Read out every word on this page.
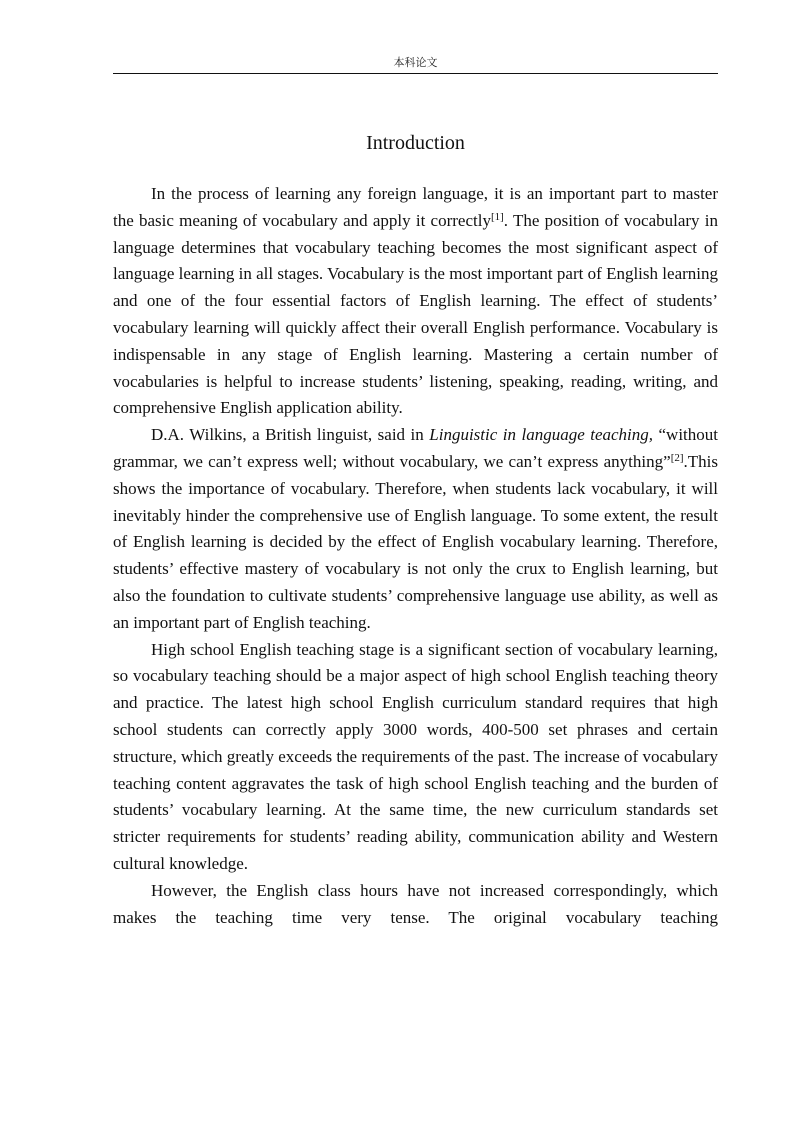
本科论文
Introduction

In the process of learning any foreign language, it is an important part to master the basic meaning of vocabulary and apply it correctly[1]. The position of vocabulary in language determines that vocabulary teaching becomes the most significant aspect of language learning in all stages. Vocabulary is the most important part of English learning and one of the four essential factors of English learning. The effect of students’ vocabulary learning will quickly affect their overall English performance. Vocabulary is indispensable in any stage of English learning. Mastering a certain number of vocabularies is helpful to increase students’ listening, speaking, reading, writing, and comprehensive English application ability.

D.A. Wilkins, a British linguist, said in Linguistic in language teaching, “without grammar, we can’t express well; without vocabulary, we can’t express anything”[2].This shows the importance of vocabulary. Therefore, when students lack vocabulary, it will inevitably hinder the comprehensive use of English language. To some extent, the result of English learning is decided by the effect of English vocabulary learning. Therefore, students’ effective mastery of vocabulary is not only the crux to English learning, but also the foundation to cultivate students’ comprehensive language use ability, as well as an important part of English teaching.

High school English teaching stage is a significant section of vocabulary learning, so vocabulary teaching should be a major aspect of high school English teaching theory and practice. The latest high school English curriculum standard requires that high school students can correctly apply 3000 words, 400-500 set phrases and certain structure, which greatly exceeds the requirements of the past. The increase of vocabulary teaching content aggravates the task of high school English teaching and the burden of students’ vocabulary learning. At the same time, the new curriculum standards set stricter requirements for students’ reading ability, communication ability and Western cultural knowledge.

However, the English class hours have not increased correspondingly, which makes the teaching time very tense. The original vocabulary teaching
